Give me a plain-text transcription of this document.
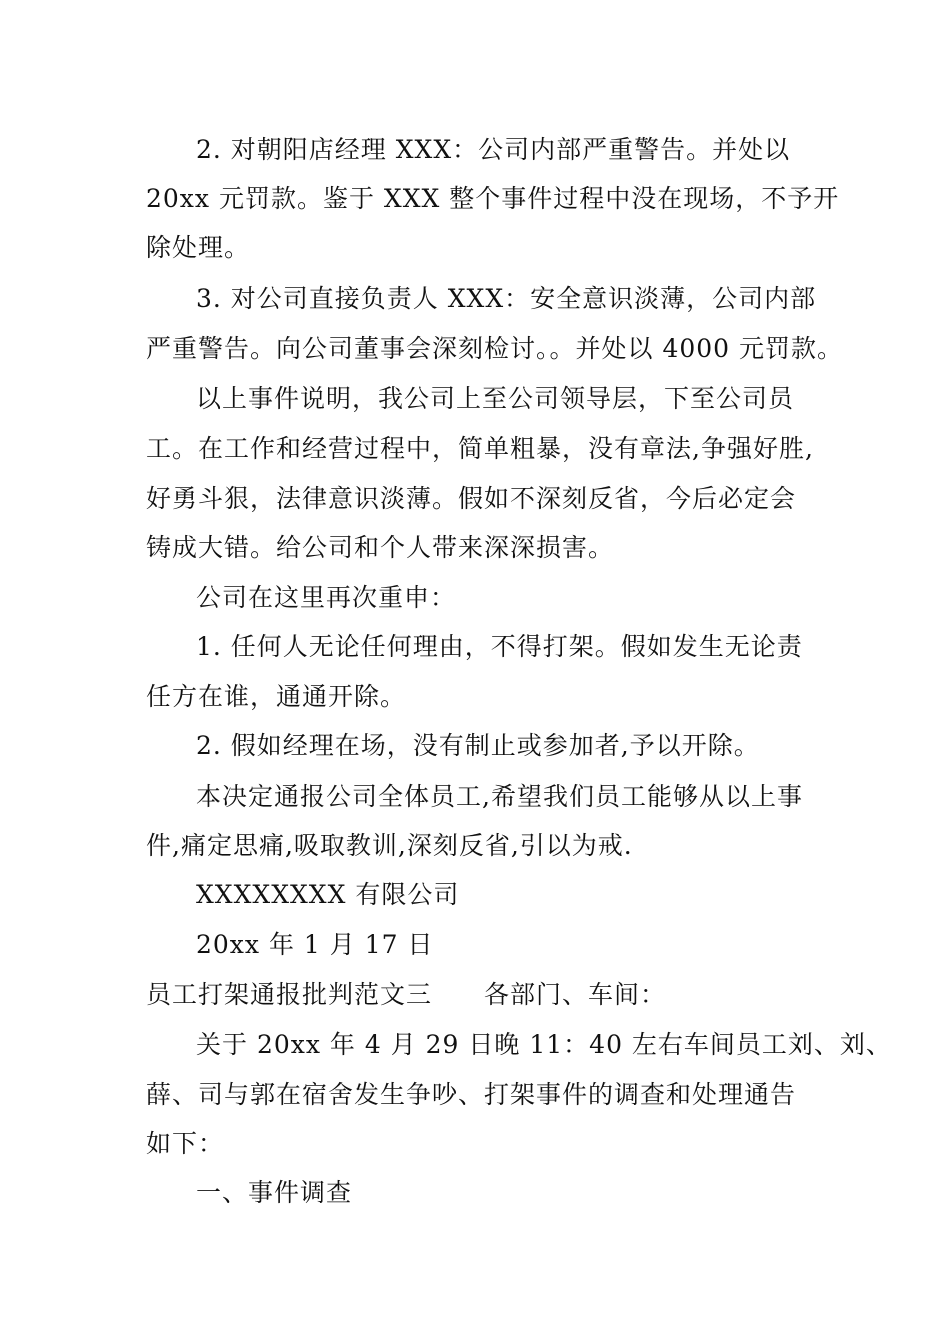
2. 对朝阳店经理 XXX：公司内部严重警告。并处以
20xx 元罚款。鉴于 XXX 整个事件过程中没在现场，不予开
除处理。
3. 对公司直接负责人 XXX：安全意识淡薄，公司内部
严重警告。向公司董事会深刻检讨。。并处以 4000 元罚款。
以上事件说明，我公司上至公司领导层，下至公司员
工。在工作和经营过程中，简单粗暴，没有章法,争强好胜,
好勇斗狠，法律意识淡薄。假如不深刻反省，今后必定会
铸成大错。给公司和个人带来深深损害。
公司在这里再次重申：
1. 任何人无论任何理由，不得打架。假如发生无论责
任方在谁，通通开除。
2. 假如经理在场，没有制止或参加者,予以开除。
本决定通报公司全体员工,希望我们员工能够从以上事
件,痛定思痛,吸取教训,深刻反省,引以为戒.
XXXXXXXX 有限公司
20xx 年 1 月 17 日
员工打架通报批判范文三　　各部门、车间：
关于 20xx 年 4 月 29 日晚 11：40 左右车间员工刘、刘、
薛、司与郭在宿舍发生争吵、打架事件的调查和处理通告
如下：
一、事件调查
